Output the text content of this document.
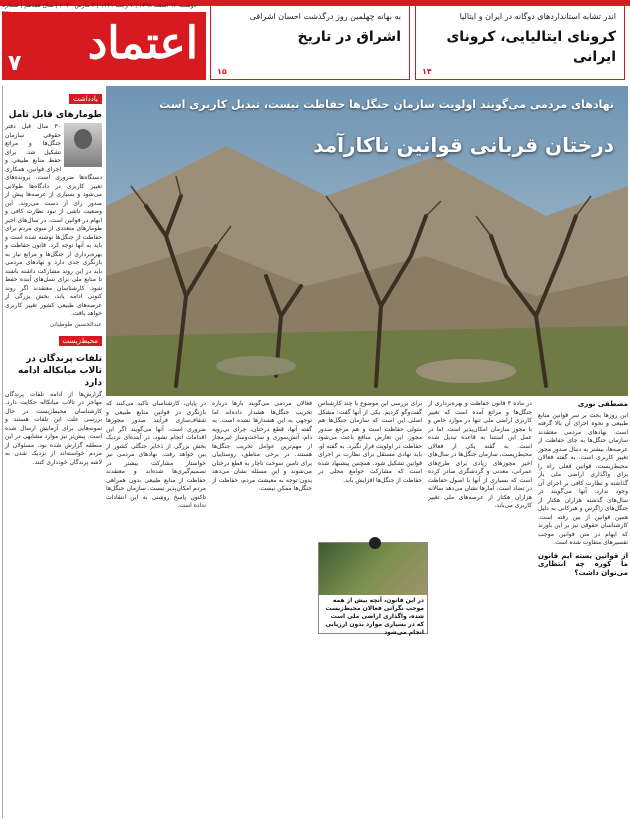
دوشنبه ۱۲ اسفند ۱۳۹۸ | ۷ رجب ۱۴۴۱ | ۲ مارس ۲۰۲۰ | سال هفدهم | شماره
اعتماد
۷
اندر تشابه استانداردهای دوگانه در ایران و ایتالیا
کرونای ایتالیایی، کرونای ایرانی
۱۴
به بهانه چهلمین روز درگذشت احسان اشراقی
اشراق در تاریخ
۱۵
یادداشت
طومارهای قابل تامل
۳۰ سال قبل دفتر حقوقی سازمان جنگل‌ها و مراتع تشکیل شد. برای حفظ منابع طبیعی و اجرای قوانین، همکاری دستگاه‌ها ضروری است. پرونده‌های تغییر کاربری در دادگاه‌ها طولانی می‌شود و بسیاری از عرصه‌ها پیش از صدور رای از دست می‌روند. این وضعیت ناشی از نبود نظارت کافی و ابهام در قوانین است. در سال‌های اخیر طومارهای متعددی از سوی مردم برای حفاظت از جنگل‌ها نوشته شده است و باید به آنها توجه کرد. قانون حفاظت و بهره‌برداری از جنگل‌ها و مراتع نیاز به بازنگری جدی دارد و نهادهای مردمی باید در این روند مشارکت داشته باشند تا منابع ملی برای نسل‌های آینده حفظ شود. کارشناسان معتقدند اگر روند کنونی ادامه یابد، بخش بزرگی از عرصه‌های طبیعی کشور تغییر کاربری خواهد یافت.
عبدالحسین طوطیانی
محیط‌زیست
تلفات پرندگان در تالاب میانکاله ادامه دارد
گزارش‌ها از ادامه تلفات پرندگان مهاجر در تالاب میانکاله حکایت دارد. کارشناسان محیط‌زیست در حال بررسی علت این تلفات هستند و نمونه‌هایی برای آزمایش ارسال شده است. پیش‌تر نیز موارد مشابهی در این منطقه گزارش شده بود. مسئولان از مردم خواسته‌اند از نزدیک شدن به لاشه پرندگان خودداری کنند.
نهادهای مردمی می‌گویند اولویت سازمان جنگل‌ها حفاظت نیست، تبدیل کاربری است
درختان قربانی قوانین ناکارآمد
مصطفی نوری
این روزها بحث بر سر قوانین منابع طبیعی و نحوه اجرای آن بالا گرفته است. نهادهای مردمی معتقدند سازمان جنگل‌ها به جای حفاظت از عرصه‌ها، بیشتر به دنبال صدور مجوز تغییر کاربری است. به گفته فعالان محیط‌زیست، قوانین فعلی راه را برای واگذاری اراضی ملی باز گذاشته و نظارت کافی بر اجرای آن وجود ندارد. آنها می‌گویند در سال‌های گذشته هزاران هکتار از جنگل‌های زاگرس و هیرکانی به دلیل همین قوانین از بین رفته است. کارشناسان حقوقی نیز بر این باورند که ابهام در متن قوانین موجب تفسیرهای متفاوت شده است.
از قوانین بسته ایم قانون ما کوره چه انتظاری می‌توان داشت؟
در ماده ۳ قانون حفاظت و بهره‌برداری از جنگل‌ها و مراتع آمده است که تغییر کاربری اراضی ملی تنها در موارد خاص و با مجوز سازمان امکان‌پذیر است. اما در عمل این استثنا به قاعده تبدیل شده است. به گفته یکی از فعالان محیط‌زیست، سازمان جنگل‌ها در سال‌های اخیر مجوزهای زیادی برای طرح‌های عمرانی، معدنی و گردشگری صادر کرده است که بسیاری از آنها با اصول حفاظت در تضاد است. آمارها نشان می‌دهد سالانه هزاران هکتار از عرصه‌های ملی تغییر کاربری می‌یابد.
برای بررسی این موضوع با چند کارشناس گفت‌وگو کردیم. یکی از آنها گفت: مشکل اصلی این است که سازمان جنگل‌ها هم متولی حفاظت است و هم مرجع صدور مجوز. این تعارض منافع باعث می‌شود حفاظت در اولویت قرار نگیرد. به گفته او، باید نهادی مستقل برای نظارت بر اجرای قوانین تشکیل شود. همچنین پیشنهاد شده است که مشارکت جوامع محلی در حفاظت از جنگل‌ها افزایش یابد.
فعالان مردمی می‌گویند بارها درباره تخریب جنگل‌ها هشدار داده‌اند اما توجهی به این هشدارها نشده است. به گفته آنها، قطع درختان، چرای بی‌رویه دام، آتش‌سوزی و ساخت‌وساز غیرمجاز از مهم‌ترین عوامل تخریب جنگل‌ها هستند. در برخی مناطق، روستاییان برای تامین سوخت ناچار به قطع درختان می‌شوند و این مسئله نشان می‌دهد بدون توجه به معیشت مردم، حفاظت از جنگل‌ها ممکن نیست.
در پایان، کارشناسان تاکید می‌کنند که بازنگری در قوانین منابع طبیعی و شفاف‌سازی فرآیند صدور مجوزها ضروری است. آنها می‌گویند اگر این اقدامات انجام نشود، در آینده‌ای نزدیک بخش بزرگی از ذخایر جنگلی کشور از بین خواهد رفت. نهادهای مردمی نیز خواستار مشارکت بیشتر در تصمیم‌گیری‌ها شده‌اند و معتقدند حفاظت از منابع طبیعی بدون همراهی مردم امکان‌پذیر نیست. سازمان جنگل‌ها تاکنون پاسخ روشنی به این انتقادات نداده است.
در این قانون، آنچه بیش از همه موجب نگرانی فعالان محیط‌زیست شده، واگذاری اراضی ملی است که در بسیاری موارد بدون ارزیابی انجام می‌شود
